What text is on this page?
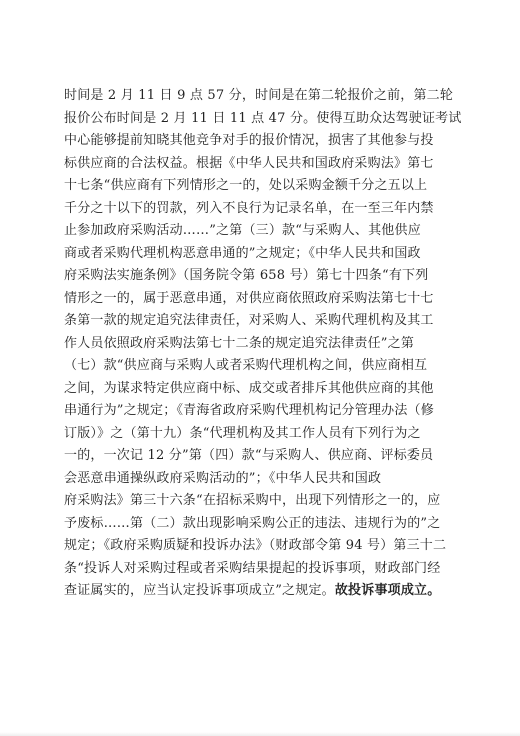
时间是 2 月 11 日 9 点 57 分，时间是在第二轮报价之前，第二轮
报价公布时间是 2 月 11 日 11 点 47 分。使得互助众达驾驶证考试
中心能够提前知晓其他竞争对手的报价情况，损害了其他参与投
标供应商的合法权益。根据《中华人民共和国政府采购法》第七
十七条“供应商有下列情形之一的，处以采购金额千分之五以上
千分之十以下的罚款，列入不良行为记录名单，在一至三年内禁
止参加政府采购活动……”之第（三）款“与采购人、其他供应
商或者采购代理机构恶意串通的”之规定；《中华人民共和国政
府采购法实施条例》（国务院令第 658 号）第七十四条“有下列
情形之一的，属于恶意串通，对供应商依照政府采购法第七十七
条第一款的规定追究法律责任，对采购人、采购代理机构及其工
作人员依照政府采购法第七十二条的规定追究法律责任”之第
（七）款“供应商与采购人或者采购代理机构之间，供应商相互
之间，为谋求特定供应商中标、成交或者排斥其他供应商的其他
串通行为”之规定；《青海省政府采购代理机构记分管理办法（修
订版）》之（第十九）条“代理机构及其工作人员有下列行为之
一的，一次记 12 分”第（四）款“与采购人、供应商、评标委员
会恶意串通操纵政府采购活动的”；《中华人民共和国政
府采购法》第三十六条“在招标采购中，出现下列情形之一的，应
予废标……第（二）款出现影响采购公正的违法、违规行为的”之
规定；《政府采购质疑和投诉办法》（财政部令第 94 号）第三十二
条“投诉人对采购过程或者采购结果提起的投诉事项，财政部门经
查证属实的，应当认定投诉事项成立”之规定。故投诉事项成立。
